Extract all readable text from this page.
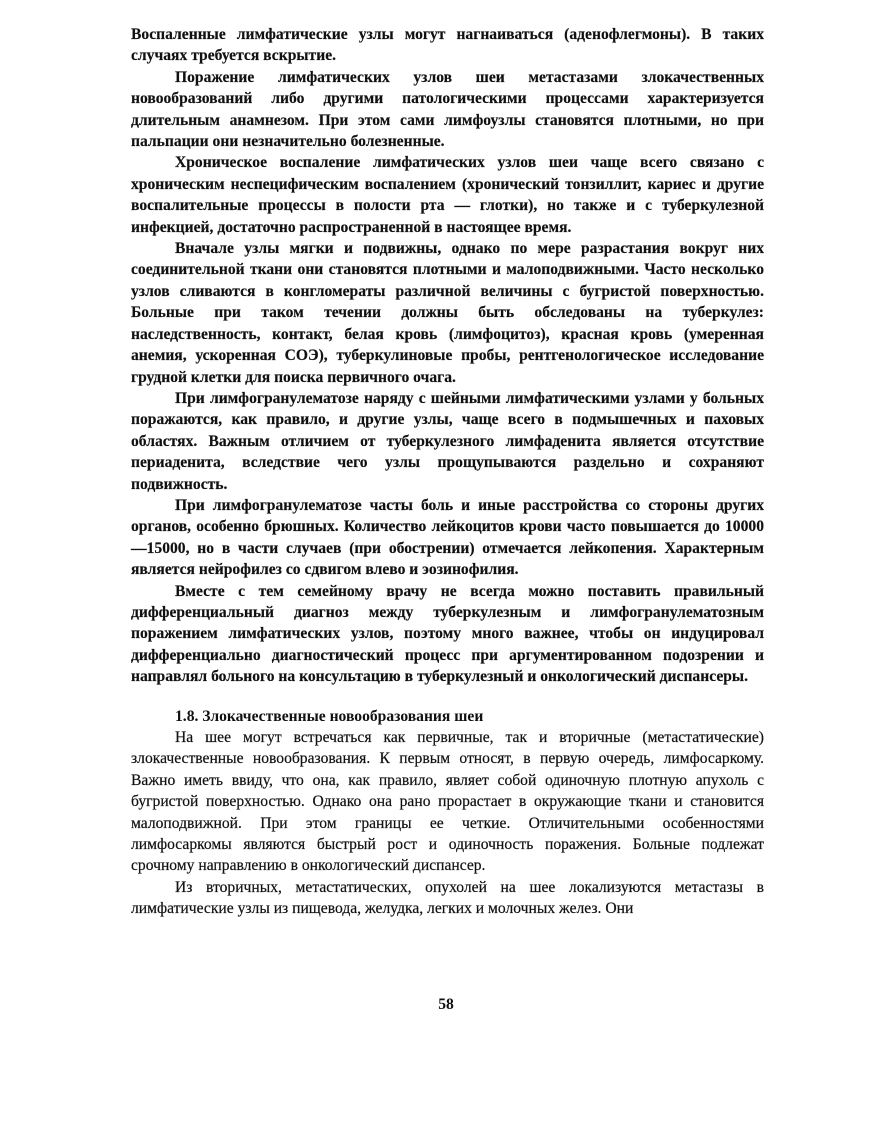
Воспаленные лимфатические узлы могут нагнаиваться (аденофлегмоны). В таких случаях требуется вскрытие.

Поражение лимфатических узлов шеи метастазами злокачественных новообразований либо другими патологическими процессами характеризуется длительным анамнезом. При этом сами лимфоузлы становятся плотными, но при пальпации они незначительно болезненные.

Хроническое воспаление лимфатических узлов шеи чаще всего связано с хроническим неспецифическим воспалением (хронический тонзиллит, кариес и другие воспалительные процессы в полости рта — глотки), но также и с туберкулезной инфекцией, достаточно распространенной в настоящее время.

Вначале узлы мягки и подвижны, однако по мере разрастания вокруг них соединительной ткани они становятся плотными и малоподвижными. Часто несколько узлов сливаются в конгломераты различной величины с бугристой поверхностью. Больные при таком течении должны быть обследованы на туберкулез: наследственность, контакт, белая кровь (лимфоцитоз), красная кровь (умеренная анемия, ускоренная СОЭ), туберкулиновые пробы, рентгенологическое исследование грудной клетки для поиска первичного очага.

При лимфогранулематозе наряду с шейными лимфатическими узлами у больных поражаются, как правило, и другие узлы, чаще всего в подмышечных и паховых областях. Важным отличием от туберкулезного лимфаденита является отсутствие периаденита, вследствие чего узлы прощупываются раздельно и сохраняют подвижность.

При лимфогранулематозе часты боль и иные расстройства со стороны других органов, особенно брюшных. Количество лейкоцитов крови часто повышается до 10000—15000, но в части случаев (при обострении) отмечается лейкопения. Характерным является нейрофилез со сдвигом влево и эозинофилия.

Вместе с тем семейному врачу не всегда можно поставить правильный дифференциальный диагноз между туберкулезным и лимфогранулематозным поражением лимфатических узлов, поэтому много важнее, чтобы он индуцировал дифференциально диагностический процесс при аргументированном подозрении и направлял больного на консультацию в туберкулезный и онкологический диспансеры.

1.8. Злокачественные новообразования шеи

На шее могут встречаться как первичные, так и вторичные (метастатические) злокачественные новообразования. К первым относят, в первую очередь, лимфосаркому. Важно иметь ввиду, что она, как правило, являет собой одиночную плотную апухоль с бугристой поверхностью. Однако она рано прорастает в окружающие ткани и становится малоподвижной. При этом границы ее четкие. Отличительными особенностями лимфосаркомы являются быстрый рост и одиночность поражения. Больные подлежат срочному направлению в онкологический диспансер.

Из вторичных, метастатических, опухолей на шее локализуются метастазы в лимфатические узлы из пищевода, желудка, легких и молочных желез. Они

58
